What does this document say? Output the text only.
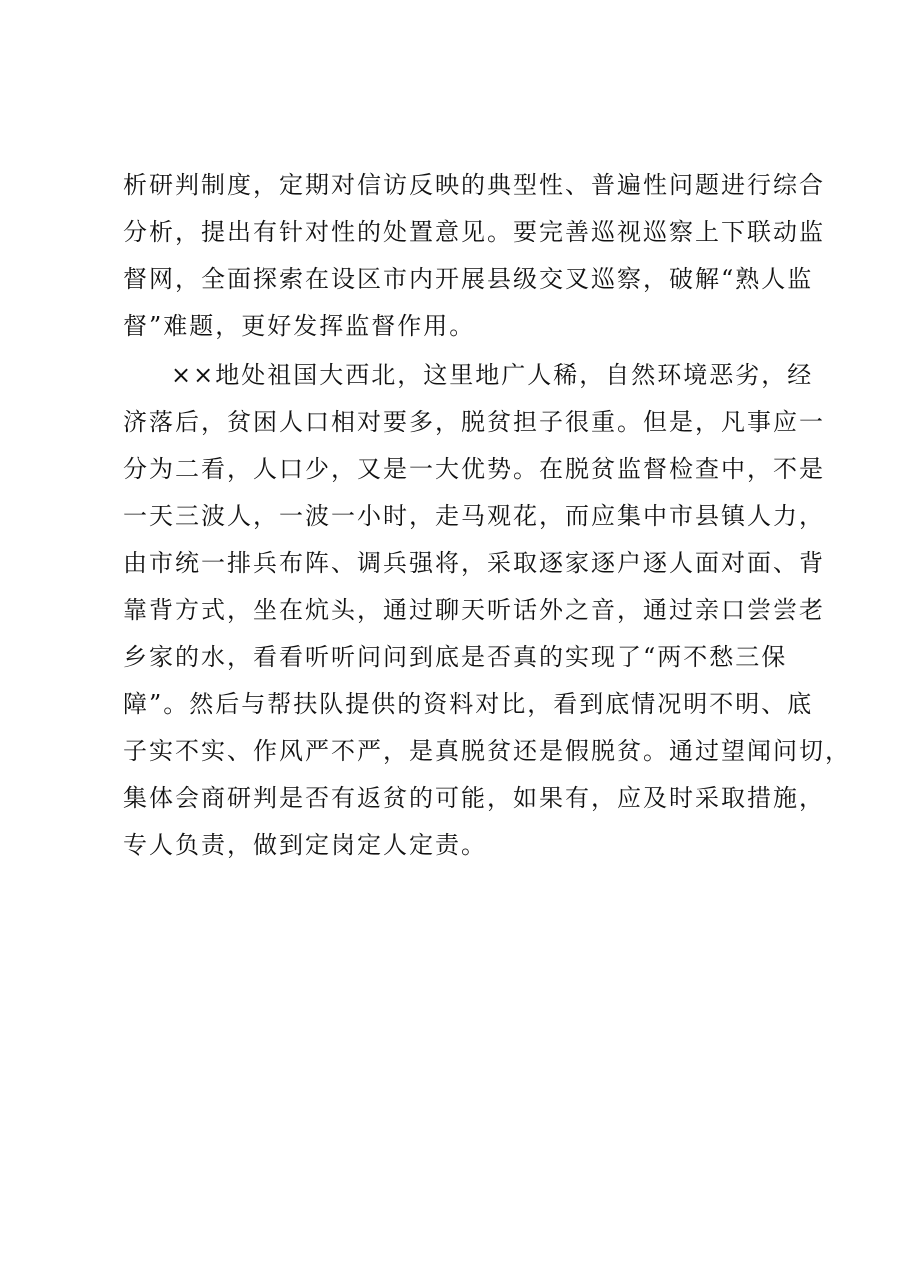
析研判制度，定期对信访反映的典型性、普遍性问题进行综合
分析，提出有针对性的处置意见。要完善巡视巡察上下联动监
督网，全面探索在设区市内开展县级交叉巡察，破解“熟人监
督”难题，更好发挥监督作用。
××地处祖国大西北，这里地广人稀，自然环境恶劣，经
济落后，贫困人口相对要多，脱贫担子很重。但是，凡事应一
分为二看，人口少，又是一大优势。在脱贫监督检查中，不是
一天三波人，一波一小时，走马观花，而应集中市县镇人力，
由市统一排兵布阵、调兵强将，采取逐家逐户逐人面对面、背
靠背方式，坐在炕头，通过聊天听话外之音，通过亲口尝尝老
乡家的水，看看听听问问到底是否真的实现了“两不愁三保
障”。然后与帮扶队提供的资料对比，看到底情况明不明、底
子实不实、作风严不严，是真脱贫还是假脱贫。通过望闻问切，
集体会商研判是否有返贫的可能，如果有，应及时采取措施，
专人负责，做到定岗定人定责。
